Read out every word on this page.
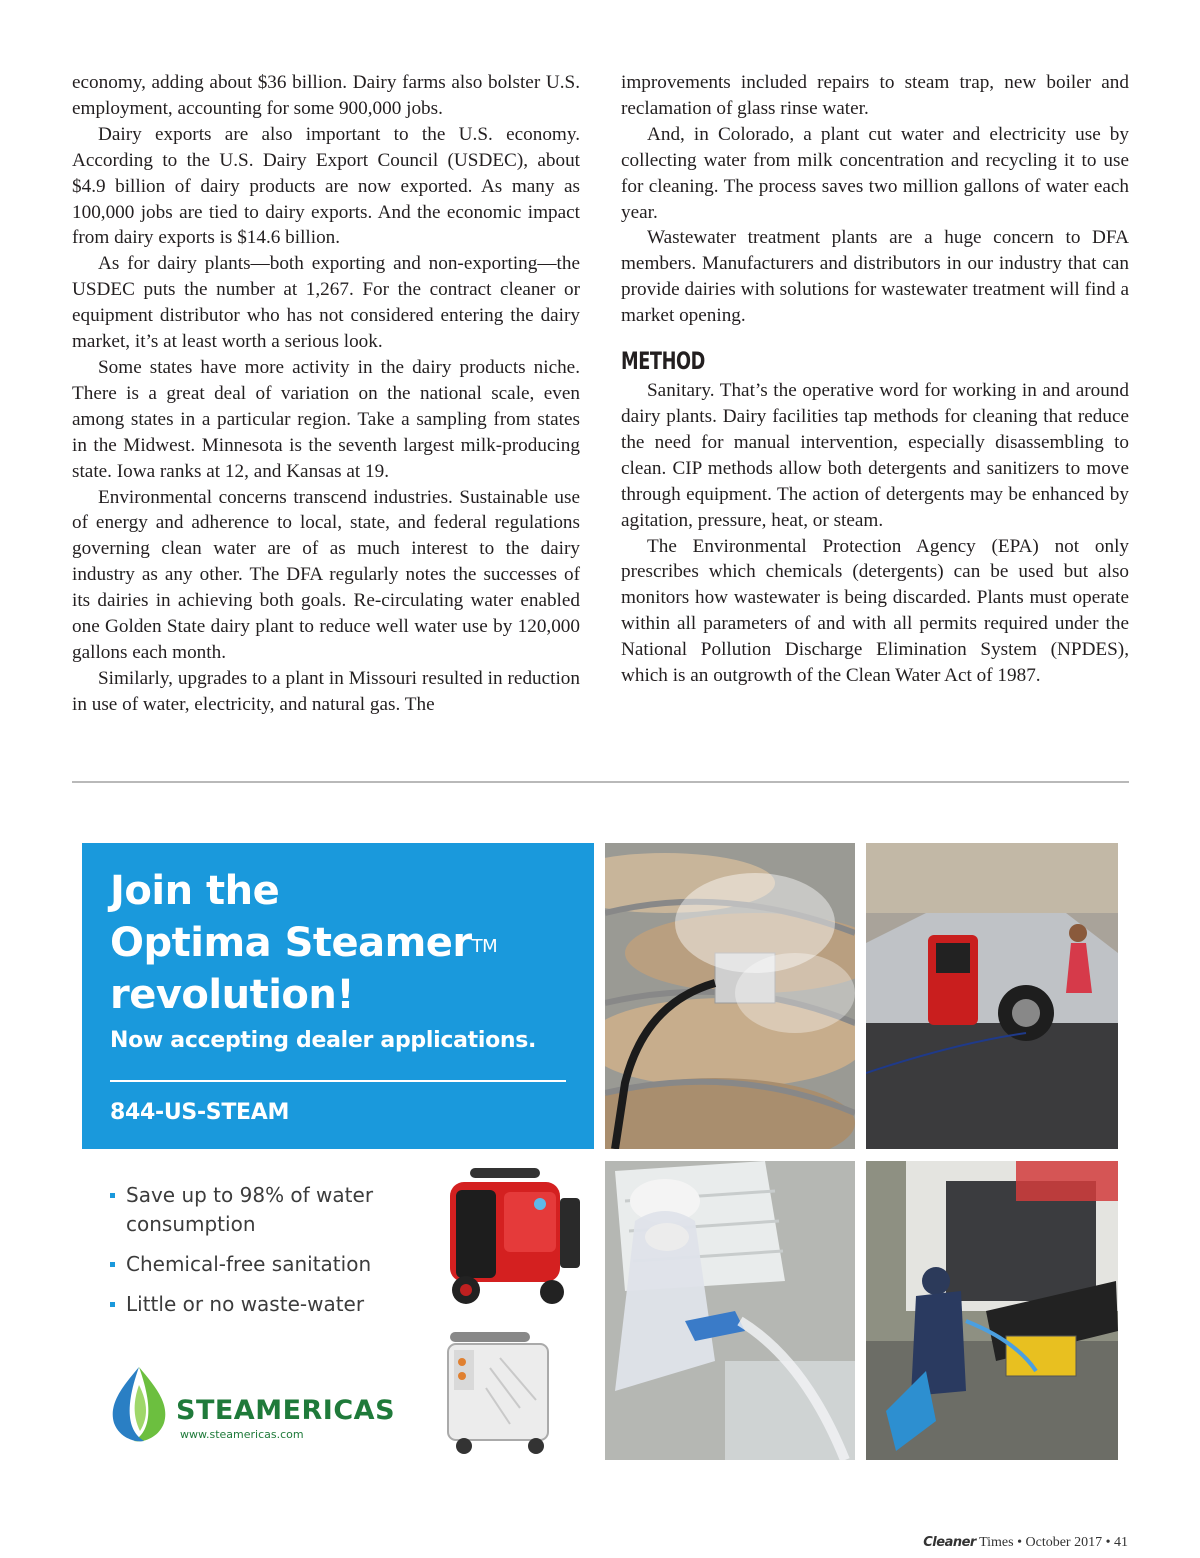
economy, adding about $36 billion. Dairy farms also bolster U.S. employment, accounting for some 900,000 jobs.

Dairy exports are also important to the U.S. economy. According to the U.S. Dairy Export Council (USDEC), about $4.9 billion of dairy products are now exported. As many as 100,000 jobs are tied to dairy exports. And the economic impact from dairy exports is $14.6 billion.

As for dairy plants—both exporting and non-exporting—the USDEC puts the number at 1,267. For the contract cleaner or equipment distributor who has not considered entering the dairy market, it’s at least worth a serious look.

Some states have more activity in the dairy products niche. There is a great deal of variation on the national scale, even among states in a particular region. Take a sampling from states in the Midwest. Minnesota is the seventh largest milk-producing state. Iowa ranks at 12, and Kansas at 19.

Environmental concerns transcend industries. Sustainable use of energy and adherence to local, state, and federal regulations governing clean water are of as much interest to the dairy industry as any other. The DFA regularly notes the successes of its dairies in achieving both goals. Re-circulating water enabled one Golden State dairy plant to reduce well water use by 120,000 gallons each month.

Similarly, upgrades to a plant in Missouri resulted in reduction in use of water, electricity, and natural gas. The

improvements included repairs to steam trap, new boiler and reclamation of glass rinse water.

And, in Colorado, a plant cut water and electricity use by collecting water from milk concentration and recycling it to use for cleaning. The process saves two million gallons of water each year.

Wastewater treatment plants are a huge concern to DFA members. Manufacturers and distributors in our industry that can provide dairies with solutions for wastewater treatment will find a market opening.

METHOD

Sanitary. That’s the operative word for working in and around dairy plants. Dairy facilities tap methods for cleaning that reduce the need for manual intervention, especially disassembling to clean. CIP methods allow both detergents and sanitizers to move through equipment. The action of detergents may be enhanced by agitation, pressure, heat, or steam.

The Environmental Protection Agency (EPA) not only prescribes which chemicals (detergents) can be used but also monitors how wastewater is being discarded. Plants must operate within all parameters of and with all permits required under the National Pollution Discharge Elimination System (NPDES), which is an outgrowth of the Clean Water Act of 1987.

Join the
Optima Steamer™
revolution!
Now accepting dealer applications.
844-US-STEAM
Save up to 98% of water consumption
Chemical-free sanitation
Little or no waste-water
STEAMERICAS
www.steamericas.com
Cleaner Times • October 2017 • 41
